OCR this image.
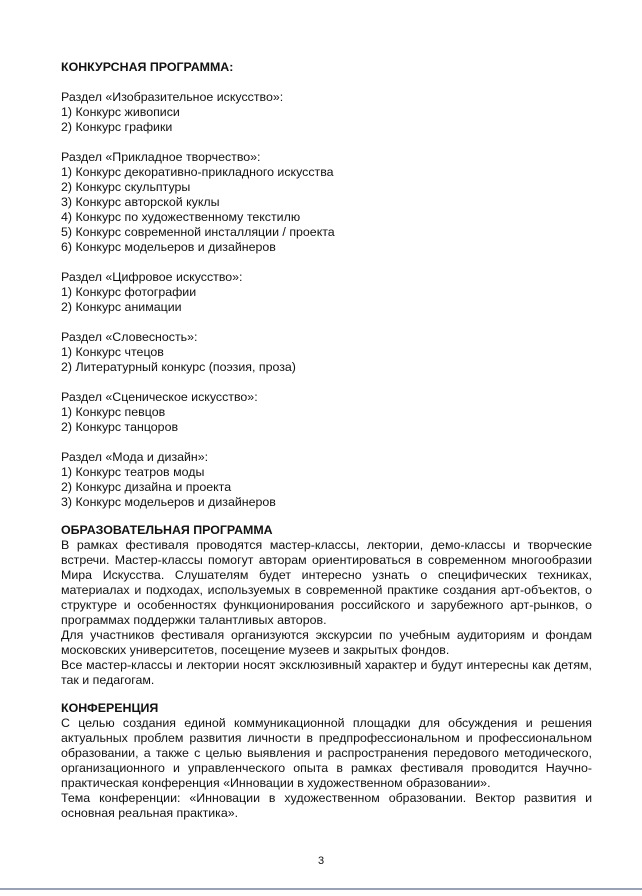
КОНКУРСНАЯ ПРОГРАММА:

Раздел «Изобразительное искусство»:

1) Конкурс живописи

2) Конкурс графики

Раздел «Прикладное творчество»:

1) Конкурс декоративно-прикладного искусства

2) Конкурс скульптуры

3) Конкурс авторской куклы

4) Конкурс по художественному текстилю

5) Конкурс современной инсталляции / проекта

6) Конкурс модельеров и дизайнеров

Раздел «Цифровое искусство»:

1) Конкурс фотографии

2) Конкурс анимации

Раздел «Словесность»:

1) Конкурс чтецов

2) Литературный конкурс (поэзия, проза)

Раздел «Сценическое искусство»:

1) Конкурс певцов

2) Конкурс танцоров

Раздел «Мода и дизайн»:

1) Конкурс театров моды

2) Конкурс дизайна и проекта

3) Конкурс модельеров и дизайнеров

ОБРАЗОВАТЕЛЬНАЯ ПРОГРАММА

В рамках фестиваля проводятся мастер-классы, лектории, демо-классы и творческие встречи. Мастер-классы помогут авторам ориентироваться в современном многообразии Мира Искусства. Слушателям будет интересно узнать о специфических техниках, материалах и подходах, используемых в современной практике создания арт-объектов, о структуре и особенностях функционирования российского и зарубежного арт-рынков, о программах поддержки талантливых авторов.

Для участников фестиваля организуются экскурсии по учебным аудиториям и фондам московских университетов, посещение музеев и закрытых фондов.

Все мастер-классы и лектории носят эксклюзивный характер и будут интересны как детям, так и педагогам.

КОНФЕРЕНЦИЯ

С целью создания единой коммуникационной площадки для обсуждения и решения актуальных проблем развития личности в предпрофессиональном и профессиональном образовании, а также с целью выявления и распространения передового методического, организационного и управленческого опыта в рамках фестиваля проводится Научно-практическая конференция «Инновации в художественном образовании».

Тема конференции: «Инновации в художественном образовании. Вектор развития и основная реальная практика».

3
